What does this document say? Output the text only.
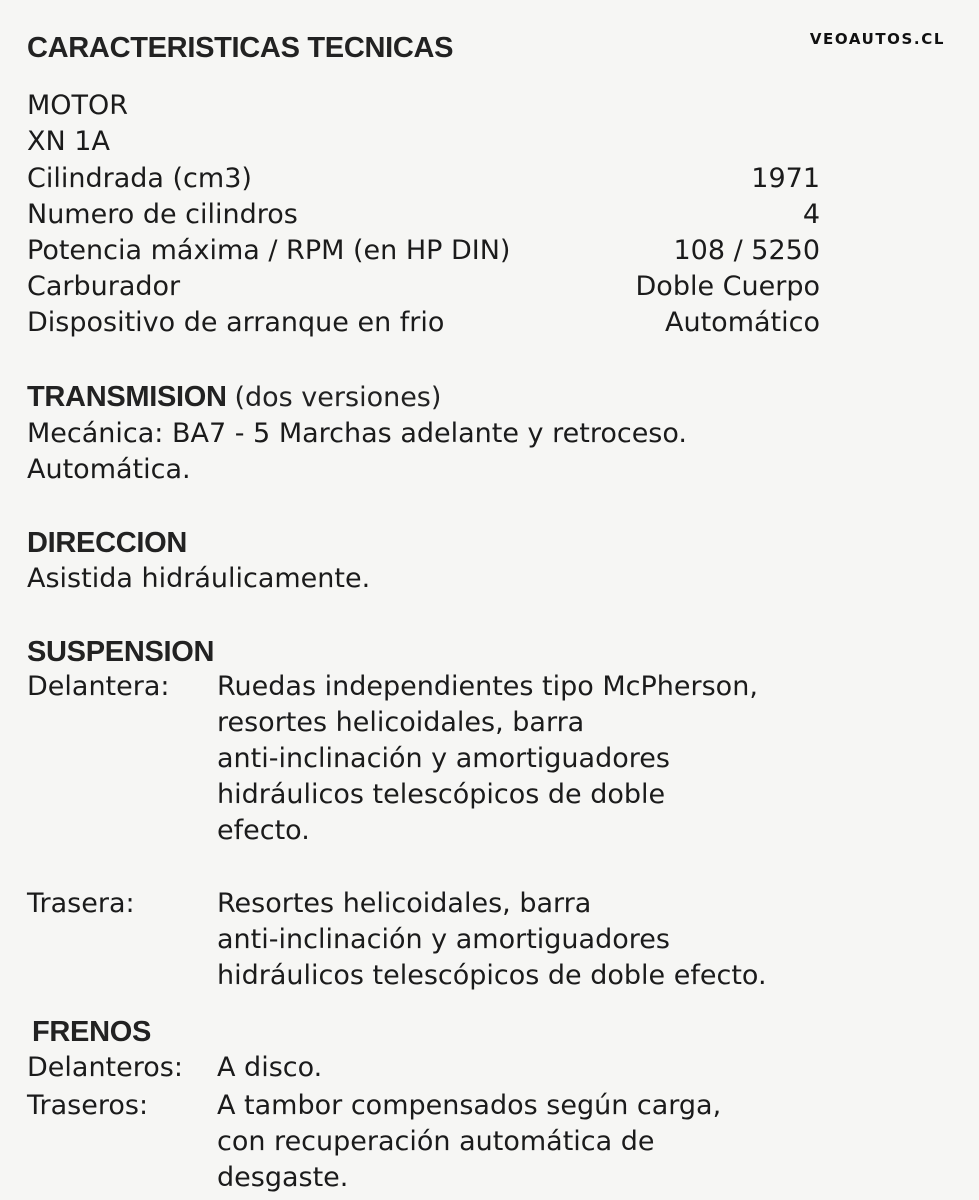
VEOAUTOS.CL
CARACTERISTICAS TECNICAS
MOTOR
XN 1A
Cilindrada (cm3)	1971
Numero de cilindros	4
Potencia máxima / RPM (en HP DIN)	108 / 5250
Carburador	Doble Cuerpo
Dispositivo de arranque en frio	Automático
TRANSMISION (dos versiones)
Mecánica: BA7 - 5 Marchas adelante y retroceso.
Automática.
DIRECCION
Asistida hidráulicamente.
SUSPENSION
Delantera: Ruedas independientes tipo McPherson,
resortes helicoidales, barra
anti-inclinación y amortiguadores
hidráulicos telescópicos de doble
efecto.
Trasera:	Resortes helicoidales, barra
anti-inclinación y amortiguadores
hidráulicos telescópicos de doble efecto.
FRENOS
Delanteros: A disco.
Traseros:	A tambor compensados según carga,
con recuperación automática de
desgaste.
